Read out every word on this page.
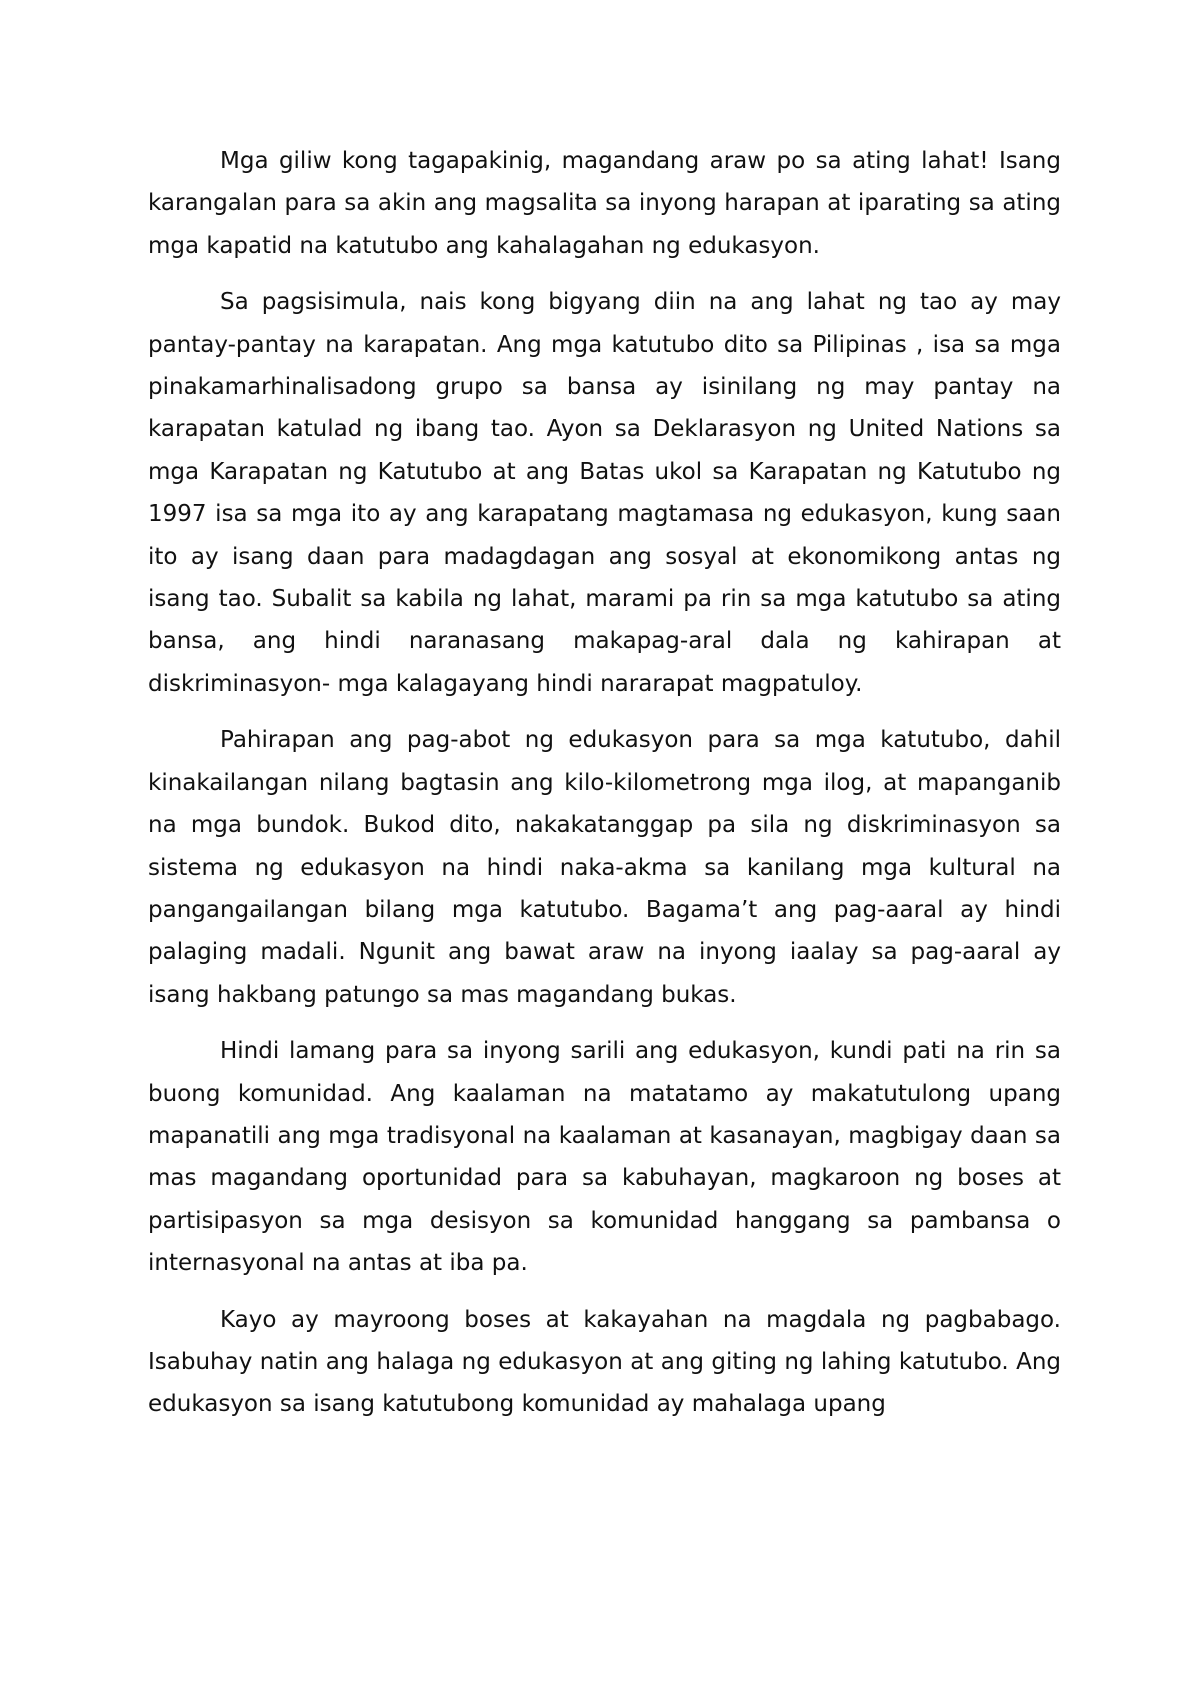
Mga giliw kong tagapakinig, magandang araw po sa ating lahat! Isang karangalan para sa akin ang magsalita sa inyong harapan at iparating sa ating mga kapatid na katutubo ang kahalagahan ng edukasyon.

Sa pagsisimula, nais kong bigyang diin na ang lahat ng tao ay may pantay-pantay na karapatan. Ang mga katutubo dito sa Pilipinas , isa sa mga pinakamarhinalisadong grupo sa bansa ay isinilang ng may pantay na karapatan katulad ng ibang tao. Ayon sa Deklarasyon ng United Nations sa mga Karapatan ng Katutubo at ang Batas ukol sa Karapatan ng Katutubo ng 1997 isa sa mga ito ay ang karapatang magtamasa ng edukasyon, kung saan ito ay isang daan para madagdagan ang sosyal at ekonomikong antas ng isang tao. Subalit sa kabila ng lahat, marami pa rin sa mga katutubo sa ating bansa, ang hindi naranasang makapag-aral dala ng kahirapan at diskriminasyon- mga kalagayang hindi nararapat magpatuloy.

Pahirapan ang pag-abot ng edukasyon para sa mga katutubo, dahil kinakailangan nilang bagtasin ang kilo-kilometrong mga ilog, at mapanganib na mga bundok. Bukod dito, nakakatanggap pa sila ng diskriminasyon sa sistema ng edukasyon na hindi naka-akma sa kanilang mga kultural na pangangailangan bilang mga katutubo. Bagama’t ang pag-aaral ay hindi palaging madali. Ngunit ang bawat araw na inyong iaalay sa pag-aaral ay isang hakbang patungo sa mas magandang bukas.

Hindi lamang para sa inyong sarili ang edukasyon, kundi pati na rin sa buong komunidad. Ang kaalaman na matatamo ay makatutulong upang mapanatili ang mga tradisyonal na kaalaman at kasanayan, magbigay daan sa mas magandang oportunidad para sa kabuhayan, magkaroon ng boses at partisipasyon sa mga desisyon sa komunidad hanggang sa pambansa o internasyonal na antas at iba pa.

Kayo ay mayroong boses at kakayahan na magdala ng pagbabago. Isabuhay natin ang halaga ng edukasyon at ang giting ng lahing katutubo. Ang edukasyon sa isang katutubong komunidad ay mahalaga upang
